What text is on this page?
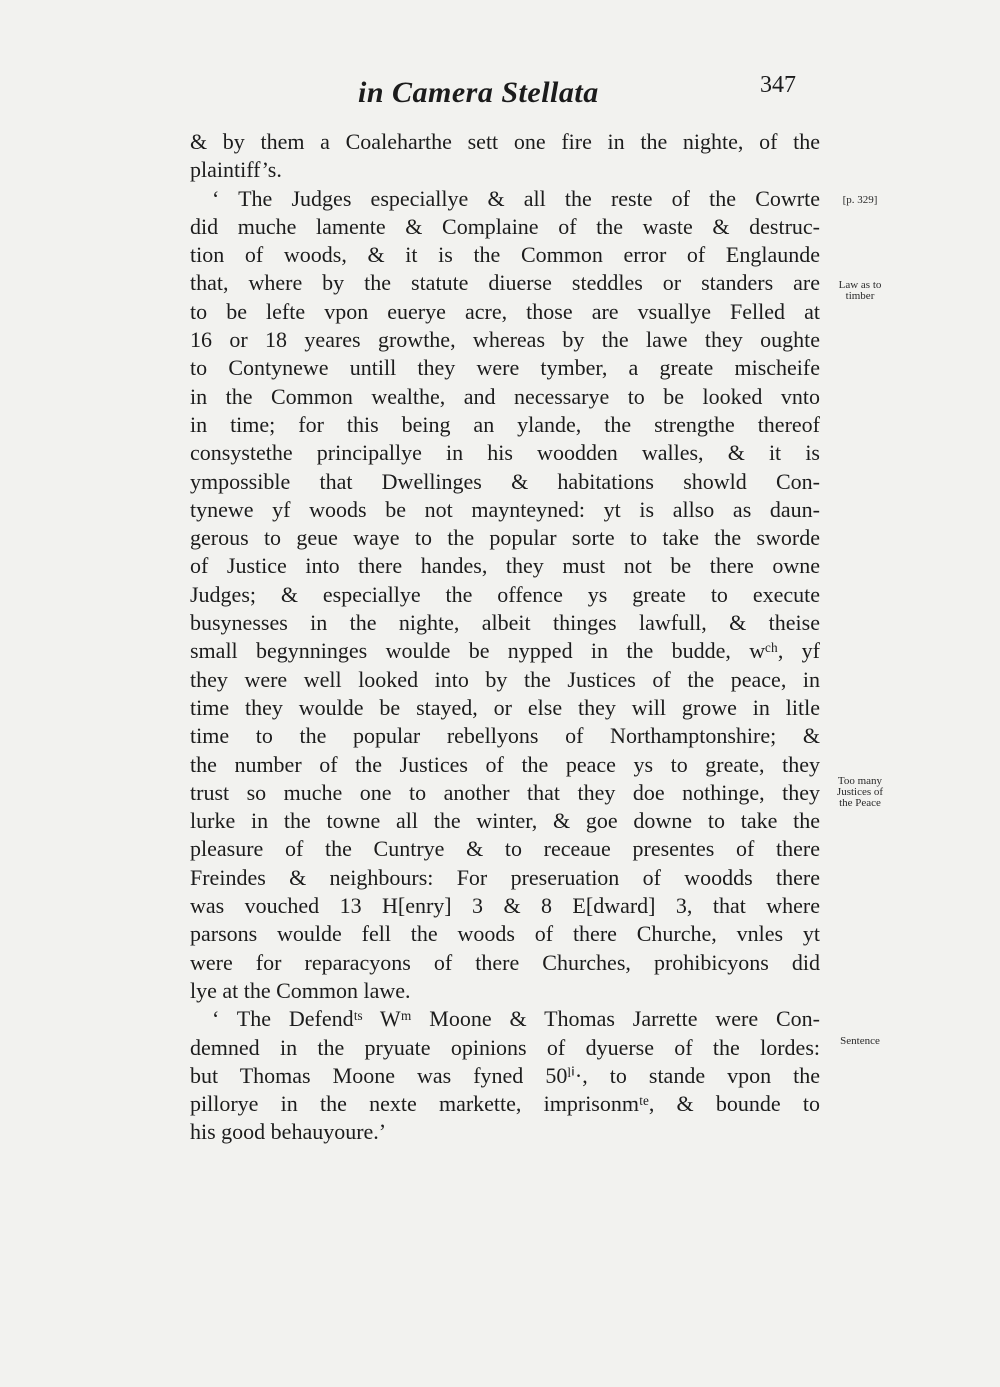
in Camera Stellata	347
& by them a Coaleharthe sett one fire in the nighte, of the
plaintiff’s.
‘ The Judges especiallye & all the reste of the Cowrte
did muche lamente & Complaine of the waste & destruc-
tion of woods, & it is the Common error of Englaunde
that, where by the statute diuerse steddles or standers are
to be lefte vpon euerye acre, those are vsuallye Felled at
16 or 18 yeares growthe, whereas by the lawe they oughte
to Contynewe untill they were tymber, a greate mischeife
in the Common wealthe, and necessarye to be looked vnto
in time; for this being an ylande, the strengthe thereof
consystethe principallye in his woodden walles, & it is
ympossible that Dwellinges & habitations showld Con-
tynewe yf woods be not maynteyned: yt is allso as daun-
gerous to geue waye to the popular sorte to take the sworde
of Justice into there handes, they must not be there owne
Judges; & especiallye the offence ys greate to execute
busynesses in the nighte, albeit thinges lawfull, & theise
small begynninges woulde be nypped in the budde, wᶜʰ, yf
they were well looked into by the Justices of the peace, in
time they woulde be stayed, or else they will growe in litle
time to the popular rebellyons of Northamptonshire; &
the number of the Justices of the peace ys to greate, they
trust so muche one to another that they doe nothinge, they
lurke in the towne all the winter, & goe downe to take the
pleasure of the Cuntrye & to receaue presentes of there
Freindes & neighbours: For preseruation of woodds there
was vouched 13 H[enry] 3 & 8 E[dward] 3, that where
parsons woulde fell the woods of there Churche, vnles yt
were for reparacyons of there Churches, prohibicyons did
lye at the Common lawe.
‘ The Defendᵗˢ Wᵐ Moone & Thomas Jarrette were Con-
demned in the pryuate opinions of dyuerse of the lordes:
but Thomas Moone was fyned 50ˡⁱ·, to stande vpon the
pillorye in the nexte markette, imprisonmᵗᵉ, & bounde to
his good behauyoure.’
[p. 329]
Law as to
timber
Too many
Justices of
the Peace
Sentence
